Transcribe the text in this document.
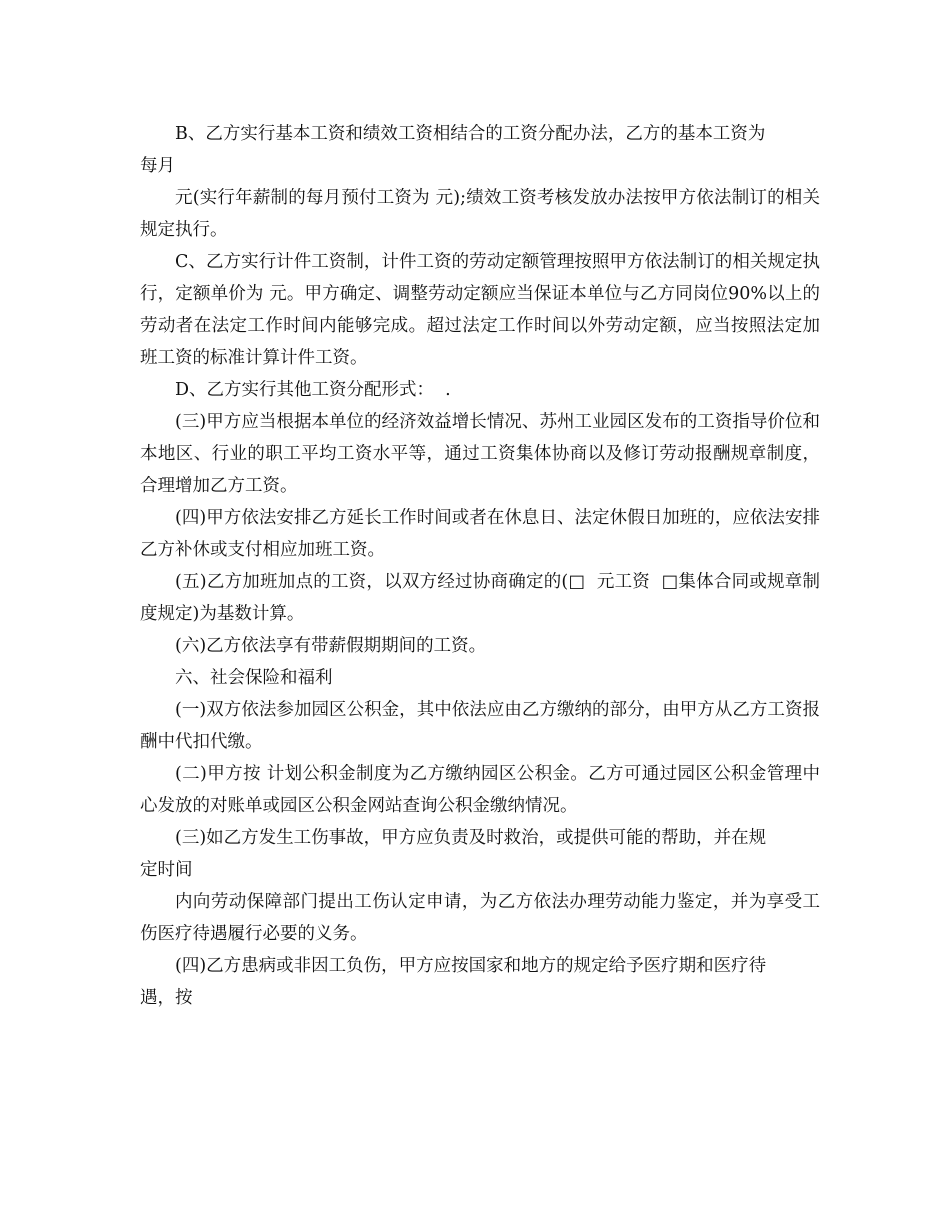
B、乙方实行基本工资和绩效工资相结合的工资分配办法，乙方的基本工资为

每月

元(实行年薪制的每月预付工资为 元);绩效工资考核发放办法按甲方依法制订的相关规定执行。

C、乙方实行计件工资制，计件工资的劳动定额管理按照甲方依法制订的相关规定执行，定额单价为 元。甲方确定、调整劳动定额应当保证本单位与乙方同岗位90%以上的劳动者在法定工作时间内能够完成。超过法定工作时间以外劳动定额，应当按照法定加班工资的标准计算计件工资。

D、乙方实行其他工资分配形式：  .

(三)甲方应当根据本单位的经济效益增长情况、苏州工业园区发布的工资指导价位和本地区、行业的职工平均工资水平等，通过工资集体协商以及修订劳动报酬规章制度，合理增加乙方工资。

(四)甲方依法安排乙方延长工作时间或者在休息日、法定休假日加班的，应依法安排乙方补休或支付相应加班工资。

(五)乙方加班加点的工资，以双方经过协商确定的(□  元工资  □集体合同或规章制度规定)为基数计算。

(六)乙方依法享有带薪假期期间的工资。

六、社会保险和福利

(一)双方依法参加园区公积金，其中依法应由乙方缴纳的部分，由甲方从乙方工资报酬中代扣代缴。

(二)甲方按 计划公积金制度为乙方缴纳园区公积金。乙方可通过园区公积金管理中心发放的对账单或园区公积金网站查询公积金缴纳情况。

(三)如乙方发生工伤事故，甲方应负责及时救治，或提供可能的帮助，并在规

定时间

内向劳动保障部门提出工伤认定申请，为乙方依法办理劳动能力鉴定，并为享受工伤医疗待遇履行必要的义务。

(四)乙方患病或非因工负伤，甲方应按国家和地方的规定给予医疗期和医疗待

遇，按
